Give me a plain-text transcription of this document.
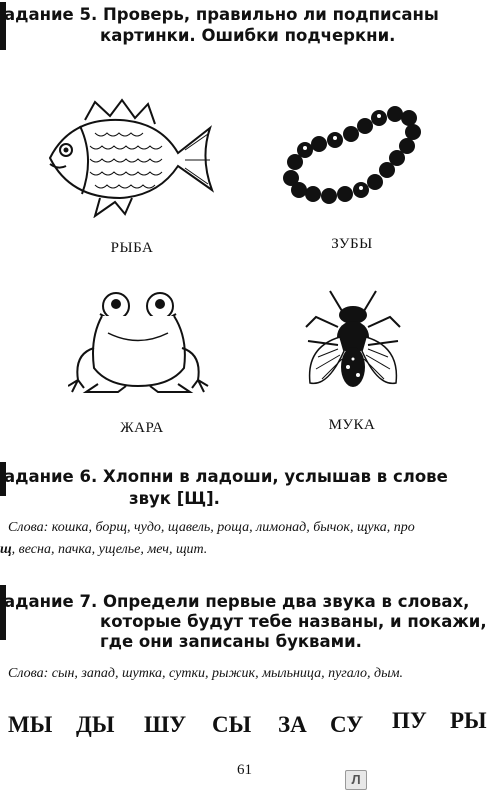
адание 5. Проверь, правильно ли подписаны
картинки. Ошибки подчеркни.
РЫБА	ЗУБЫ
ЖАРА	МУКА
адание 6. Хлопни в ладоши, услышав в слове
звук [Щ].
Слова: кошка, борщ, чудо, щавель, роща, лимонад, бычок, щука, про
щ, весна, пачка, ущелье, меч, щит.
адание 7. Определи первые два звука в словах,
которые будут тебе названы, и покажи,
где они записаны буквами.
Слова: сын, запад, шутка, сутки, рыжик, мыльница, пугало, дым.
МЫ ДЫ ШУ СЫ ЗА СУ ПУ РЫ
61
Л
